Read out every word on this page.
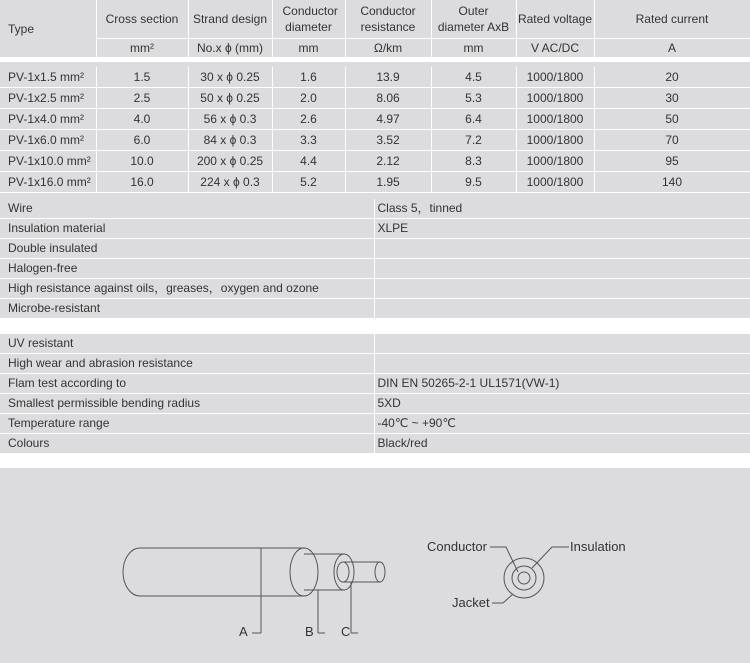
Type	Cross section	Strand design	Conductor diameter	Conductor resistance	Outer diameter AxB	Rated voltage	Rated current
	mm²	No.x ϕ (mm)	mm	Ω/km	mm	V AC/DC	A

PV-1x1.5 mm²	1.5	30 x ϕ 0.25	1.6	13.9	4.5	1000/1800	20
PV-1x2.5 mm²	2.5	50 x ϕ 0.25	2.0	8.06	5.3	1000/1800	30
PV-1x4.0 mm²	4.0	56 x ϕ 0.3	2.6	4.97	6.4	1000/1800	50
PV-1x6.0 mm²	6.0	84 x ϕ 0.3	3.3	3.52	7.2	1000/1800	70
PV-1x10.0 mm²	10.0	200 x ϕ 0.25	4.4	2.12	8.3	1000/1800	95
PV-1x16.0 mm²	16.0	224 x ϕ 0.3	5.2	1.95	9.5	1000/1800	140

Wire	Class 5，tinned
Insulation material	XLPE
Double insulated	
Halogen-free	
High resistance against oils，greases，oxygen and ozone	
Microbe-resistant	
UV resistant	
High wear and abrasion resistance	
Flam test according to	DIN EN 50265-2-1 UL1571(VW-1)
Smallest permissible bending radius	5XD
Temperature range	-40℃ ~ +90℃
Colours	Black/red
A	B C
Conductor	Insulation
Jacket
